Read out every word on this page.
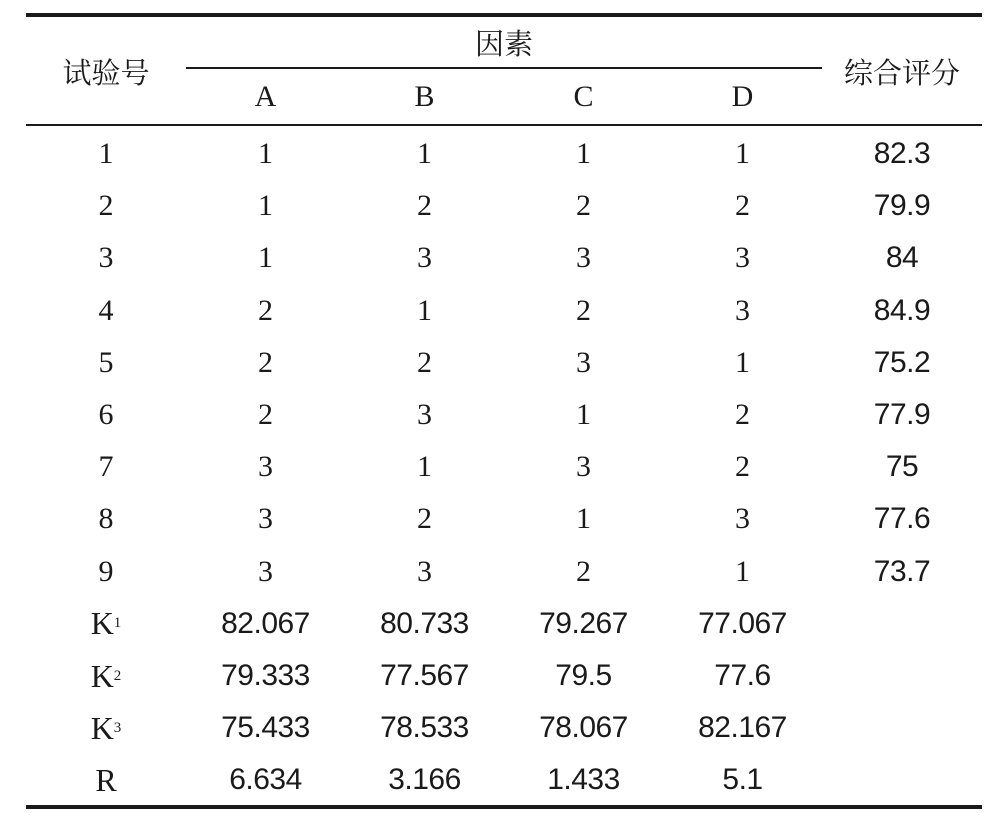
试验号
因素
综合评分
A	B	C	D
1	1	1	1	1	82.3
2	1	2	2	2	79.9
3	1	3	3	3	84
4	2	1	2	3	84.9
5	2	2	3	1	75.2
6	2	3	1	2	77.9
7	3	1	3	2	75
8	3	2	1	3	77.6
9	3	3	2	1	73.7
K 1	82.067	80.733	79.267	77.067
K 2	79.333	77.567	79.5	77.6
K 3	75.433	78.533	78.067	82.167
R	6.634	3.166	1.433	5.1
